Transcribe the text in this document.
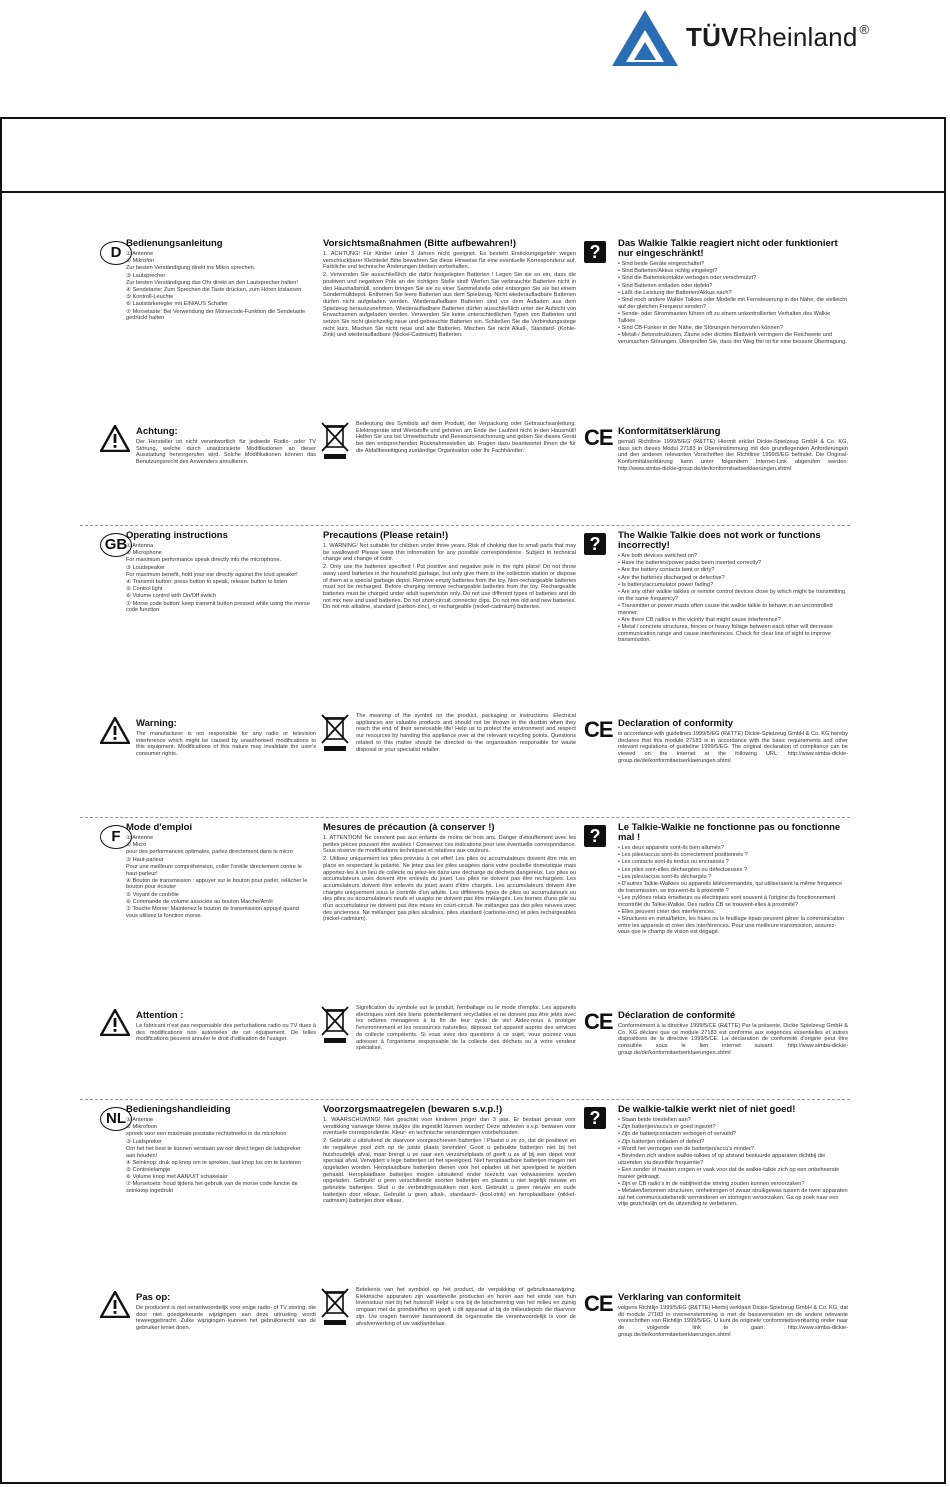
TÜVRheinland ®
D
Bedienungsanleitung
① Antenne
② Mikrofon
Zur besten Verständigung direkt ins Mikro sprechen.
③ Lautsprecher
Zur besten Verständigung das Ohr direkt an den Lautsprecher halten!
④ Sendetaste: Zum Sprechen die Taste drücken, zum Hören loslassen
⑤ Kontroll-Leuchte
⑥ Lautstärkeregler mit EIN/AUS Schalter
⑦ Morsetaste: Bei Verwendung der Morsecode-Funktion die Sendetaste gedrückt halten
Vorsichtsmaßnahmen (Bitte aufbewahren!)
1. ACHTUNG! Für Kinder unter 3 Jahren nicht geeignet. Es besteht Erstickungsgefahr wegen verschluckbarer Kleinteile! Bitte bewahren Sie diese Hinweise für eine eventuelle Korrespondenz auf. Farbliche und technische Änderungen bleiben vorbehalten.
2. Verwenden Sie ausschließlich die dafür festgelegten Batterien ! Legen Sie sie so ein, dass die positiven und negativen Pole an der richtigen Stelle sind! Werfen Sie verbrauchte Batterien nicht in den Haushaltsmüll, sondern bringen Sie sie zu einer Sammelstelle oder entsorgen Sie sie bei einem Sondermülldepot. Entfernen Sie leere Batterien aus dem Spielzeug. Nicht wiederaufladbare Batterien dürfen nicht aufgeladen werden. Wiederaufladbare Batterien sind vor dem Aufladen aus dem Spielzeug herauszunehmen. Wiederaufladbare Batterien dürfen ausschließlich unter der Aufsicht von Erwachsenen aufgeladen werden. Verwenden Sie keine unterschiedlichen Typen von Batterien und setzen Sie nicht gleichzeitig neue und gebrauchte Batterien ein. Schließen Sie die Verbindungsstege nicht kurz. Mischen Sie nicht neue und alte Batterien. Mischen Sie nicht Alkali-, Standard- (Kohle-Zink) und wiederaufladbare (Nickel-Cadmium) Batterien.
?	Das Walkie Talkie reagiert nicht oder funktioniert nur eingeschränkt!
• Sind beide Geräte eingeschaltet?
• Sind Batterien/Akkus richtig eingelegt?
• Sind die Batteriekontakte verbogen oder verschmutzt?
• Sind Batterien entladen oder defekt?
• Läßt die Leistung der Batterien/Akkus nach?
• Sind noch andere Walkie Talkies oder Modelle mit Fernsteuerung in der Nähe, die vielleicht auf der gleichen Frequenz senden?
• Sende- oder Strommasten führen oft zu einem unkontrollierten Verhalten des Walkie Talkies
• Sind CB-Funker in der Nähe, die Störungen hervorrufen können?
• Metall-/ Betonstrukturen, Zäune oder dichtes Blattwerk verringern die Reichweite und verursachen Störungen. Überprüfen Sie, dass der Weg frei ist für eine bessere Übertragung.
Achtung:
Der Hersteller ist nicht verantwortlich für jedwede Radio- oder TV Störung, welche durch unautorisierte Modifikationen an dieser Ausstattung hervorgerufen wird. Solche Modifikationen können das Benutzungsrecht des Anwenders annullieren.
Bedeutung des Symbols auf dem Produkt, der Verpackung oder Gebrauchsanleitung. Elektrogeräte sind Wertstoffe und gehören am Ende der Laufzeit nicht in den Hausmüll! Helfen Sie uns bei Umweltschutz und Ressourcenschonung und geben Sie dieses Gerät bei den entsprechenden Rücknahmestellen ab. Fragen dazu beantwortet Ihnen die für die Abfallbeseitigung zuständige Organisation oder Ihr Fachhändler.
CE Konformitätserklärung
gemäß Richtlinie 1999/5/EG (R&TTE) Hiermit erklärt Dickie-Spielzeug GmbH & Co. KG, dass sich dieses Modul 27183 in Übereinstimmung mit den grundlegenden Anforderungen und den anderen relevanten Vorschriften der Richtlinie 1999/5/EG befindet. Die Original-Konformitätserklärung kann unter folgendem Internet-Link abgerufen werden: http://www.simba-dickie-group.de/de/konformitaetserklaerungen.shtml
GB
Operating instructions
① Antenna
② Microphone
For maximum performance speak directly into the microphone.
③ Loudspeaker
For maximum benefit, hold your ear directly against the loud speaker!
④ Transmit button: press button to speak, release button to listen
⑤ Control light
⑥ Volume control with On/Off switch
⑦ Morse code button: keep transmit button pressed while using the morse code function
Precautions (Please retain!)
1. WARNING! Not suitable for children under three years. Risk of choking due to small parts that may be swallowed! Please keep this information for any possible correspondence. Subject to technical change and change of color.
2. Only use the batteries specified ! Put positive and negative pole in the right place! Do not throw away used batteries in the household garbage, but only give them to the collection station or dispose of them at a special garbage depot. Remove empty batteries from the toy. Non-rechargeable batteries must not be recharged. Before charging remove rechargeable batteries from the toy. Rechargeable batteries must be charged under adult supervision only. Do not use different types of batteries and do not mix new and used batteries. Do not short-circuit connecter clips. Do not mix old and new batteries. Do not mix alkaline, standard (carbon-zinc), or rechargeable (nickel-cadmium) batteries.
?	The Walkie Talkie does not work or functions incorrectly!
• Are both devices switched on?
• Have the batteries/power packs been inserted correctly?
• Are the battery contacts bent or dirty?
• Are the batteries discharged or defective?
• Is battery/accumulator power fading?
• Are any other walkie talkies or remote control devices close by which might be transmitting on the same frequency?
• Transmitter or power masts often cause the walkie talkie to behave in an uncontrolled manner.
• Are there CB radios in the vicinity that might cause interference?
• Metal / concrete structures, fences or heavy foliage between each other will decrease communication range and cause interferences. Check for clear line of sight to improve transmission.
Warning:
The manufacturer is not responsible for any radio or television interference which might be caused by unauthorised modifications to this equipment. Modifications of this nature may invalidate the user's consumer rights.
The meaning of the symbol on the product, packaging or instructions. Electrical appliances are valuable products and should not be thrown in the dustbin when they reach the end of their serviceable life! Help us to protect the environment and respect our resources by handing this appliance over at the relevant recycling points. Questions related to this matter should be directed to the organisation responsible for waste disposal or your specialist retailer.
CE Declaration of conformity
in accordance with guidelines 1999/5/EG (R&TTE) Dickie-Spielzeug GmbH & Co. KG hereby declares that this module 27183 is in accordance with the basic requirements and other relevant regulations of guideline 1999/5/EG. The original declaration of compliance can be viewed on the Internet at the following URL: http://www.simba-dickie-group.de/de/konformitaetserklaerungen.shtml
F
Mode d'emploi
① Antenne
② Micro
pour des performances optimales, parlez directement dans le micro
③ Haut-parleur
Pour une meilleure compréhension, coller l'oreille directement contre le haut-parleur!
④ Bouton de transmission : appuyer sur le bouton pour parler, relâcher le bouton pour écouter
⑤ Voyant de contrôle
⑥ Commande de volume associée au bouton Marche/Arrêt
⑦ Touche Morse: Maintenez le bouton de transmission appuyé quand vous utilisez la fonction morse.
Mesures de précaution (à conserver !)
1. ATTENTION! Ne convient pas aux enfants de moins de trois ans. Danger d'étouffement avec les petites pièces pouvant être avalées ! Conservez ces indications pour une éventuelle correspondance. Sous réserve de modifications techniques et relatives aux couleurs.
2. Utilisez uniquement les piles prévues à cet effet! Les piles ou accumulateurs doivent être mis en place en respectant la polarité. Ne jetez pas les piles usagées dans votre poubelle domestique mais apportez-les à un lieu de collecte ou jetez-les dans une décharge de déchets dangereux. Les piles ou accumulateurs usés doivent être enlevés du jouet. Les piles ne doivent pas être rechargées. Les accumulateurs doivent être enlevés du jouet avant d'être chargés. Les accumulateurs doivent être chargés uniquement sous le contrôle d'un adulte. Les différents types de piles ou accumulateurs ou des piles ou accumulateurs neufs et usagés ne doivent pas être mélangés. Les bornes d'une pile ou d'un accumulateur ne doivent pas être mises en court-circuit. Ne mélangez pas des piles neuves avec des anciennes. Ne mélangez pas piles alcalines, piles standard (carbone-zinc) et piles rechargeables (nickel-cadmium).
?	Le Talkie-Walkie ne fonctionne pas ou fonctionne mal !
• Les deux appareils sont-ils bien allumés?
• Les piles/accus sont-ils correctement positionnés ?
• Les contacts sont-ils tordus ou encrassés ?
• Les piles sont-elles déchargées ou défectueuses ?
• Les piles/accus sont-ils déchargés ?
• D'autres Talkie-Walkies ou appareils télécommandés, qui utiliseraient la même fréquence de transmission, se trouvent-ils à proximité ?
• Les pylônes relais émetteurs ou électriques sont souvent à l'origine du fonctionnement incontrôlé du Talkie-Walkie. Des radios CB se trouvent-elles à proximité?
• Elles peuvent créer des interférences.
• Structures en métal/béton, les haies ou le feuillage épais peuvent gêner la communication entre les appareils et créer des interférences. Pour une meilleure transmission, assurez-vous que le champ de vision est dégagé.
Attention :
Le fabricant n'est pas responsable des perturbations radio ou TV dues à des modifications non autorisées de cet équipement. De telles modifications peuvent annuler le droit d'utilisation de l'usager.
Signification du symbole sur le produit, l'emballage ou le mode d'emploi. Les appareils électriques sont des biens potentiellement recyclables et ne doivent pas être jetés avec les ordures ménagères à la fin de leur cycle de vie! Aidez-nous à protéger l'environnement et les ressources naturelles, déposez cet appareil auprès des services de collecte compétents. Si vous avez des questions à ce sujet, vous pouvez vous adresser à l'organisme responsable de la collecte des déchets ou à votre vendeur spécialisé.
CE Déclaration de conformité
Conformément à la directive 1999/5/CE (R&TTE) Par la présente, Dickie Spielzeug GmbH & Co. KG déclare que ce module 27183 est conforme aux exigences essentielles et autres dispositions de la directive 1999/5/CE. La déclaration de conformité d'origine peut être consultée sous le lien internet suivant: http://www.simba-dickie-group.de/de/konformitaetserklaerungen.shtml
NL
Bedieningshandleiding
① Antenne
② Mikrofoon
spreek voor een maximale prestatie rechtstreeks in de microfoon
③ Luidspreker
Om het het best te kunnen verstaan uw oor direct tegen de luidspreker aan houden!
④ Seinknop: druk op knop om te spreken, laat knop los om te luisteren
⑤ Controlelampje
⑥ Volume knop met AAN/UIT schakelaar
⑦ Morsetoets: houd tijdens het gebruik van de morse code functie de seinknop ingedrukt
Voorzorgsmaatregelen (bewaren s.v.p.!)
1. WAARSCHUWING! Niet geschikt voor kinderen jonger dan 3 jaar. Er bestaat gevaar voor verstikking vanwege kleine stukjes die ingeslikt kunnen worden! Deze adviezen s.v.p. bewaren voor eventuele correspondentie. Kleur- en technische veranderingen voorbehouden.
2. Gebruikt u uitsluitend de daarvoor voorgeschreven batterijen ! Plaatst u ze zo, dat de positieve en de negatieve pool zich op de juiste plaats bevinden! Gooit u gebruikte batterijen niet bij het huishoudelijk afval, maar brengt u ze naar een verzamelplaats of geeft u ze af bij een depot voor speciaal afval. Verwijdert u lege batterijen uit het speelgoed. Niet heroplaadbare batterijen mogen niet opgeladen worden. Heroplaadbare batterijen dienen voor het opladen uit het speelgoed te worden gehaald. Heroplaadbare batterijen mogen uitsluitend onder toezicht van volwassenen worden opgeladen. Gebruikt u geen verschillende soorten batterijen en plaatst u niet tegelijk nieuwe en gebruikte batterijen. Sluit u de verbindingsstukken niet kort. Gebruikt u geen nieuwe en oude batterijen door elkaar. Gebruikt u geen alkali-, standaard- (kool-zink) en heroplaadbare (nikkel-cadmium) batterijen door elkaar.
?	De walkie-talkie werkt niet of niet goed!
• Staan beide toestellen aan?
• Zijn batterijen/accu's er goed ingezet?
• Zijn de batterijcontacten verbogen of vervuild?
• Zijn batterijen ontladen of defect?
• Wordt het vermogen van de batterijen/accu's minder?
• Bevinden zich andere walkie-talkies of op afstand bestuurde apparaten dichtbij die uitzenden via dezelfde frequentie?
• Een zender of masten zorgen er vaak voor dat de walkie-talkie zich op een onbeheerste manier gedraagt.
• Zijn er CB radio's in de nabijheid die storing zouden kunnen veroorzaken?
• Metalen/betonnen structuren, omheiningen of zwaar struikgewas tussen de twee apparaten zal het communicatiebereik verminderen en storingen veroorzaken. Ga op zoek naar een vrije gezichtslijn om de uitzending te verbeteren.
Pas op:
De producent is niet verantwoordelijk voor enige radio- of TV storing, die door niet goedgekeurde wijzigingen aan deze uitrusting wordt teweeggebracht. Zulke wijzigingen kunnen het gebruiksrecht van de gebruiker teniet doen.
Betekenis van het symbool op het product, de verpakking of gebruiksaanwijzing. Elektrische apparaten zijn waardevolle producten en horen aan het einde van hun levensduur niet bij het huisvuil! Helpt u ons bij de bescherming van het milieu en zuinig omgaan met de grondstoffen en geeft u dit apparaat af bij de milieudepots die daarvoor zijn. Uw vragen hierover beantwoordt de organisatie die verantwoordelijk is voor de afvalverwerking of uw vakhandelaar.
CE Verklaring van conformiteit
volgens Richtlijn 1999/5/EG (R&TTE) Hierbij verklaart Dickie-Spielzeug GmbH & Co. KG, dat dit module 27183 in overeenstemming is met de basisvereisten en de andere relevante voorschriften van Richtlijn 1999/5/EG. U kunt de originele conformiteitsverklaring onder naar de volgende link te gaan: http://www.simba-dickie-group.de/de/konformitaetserklaerungen.shtml
